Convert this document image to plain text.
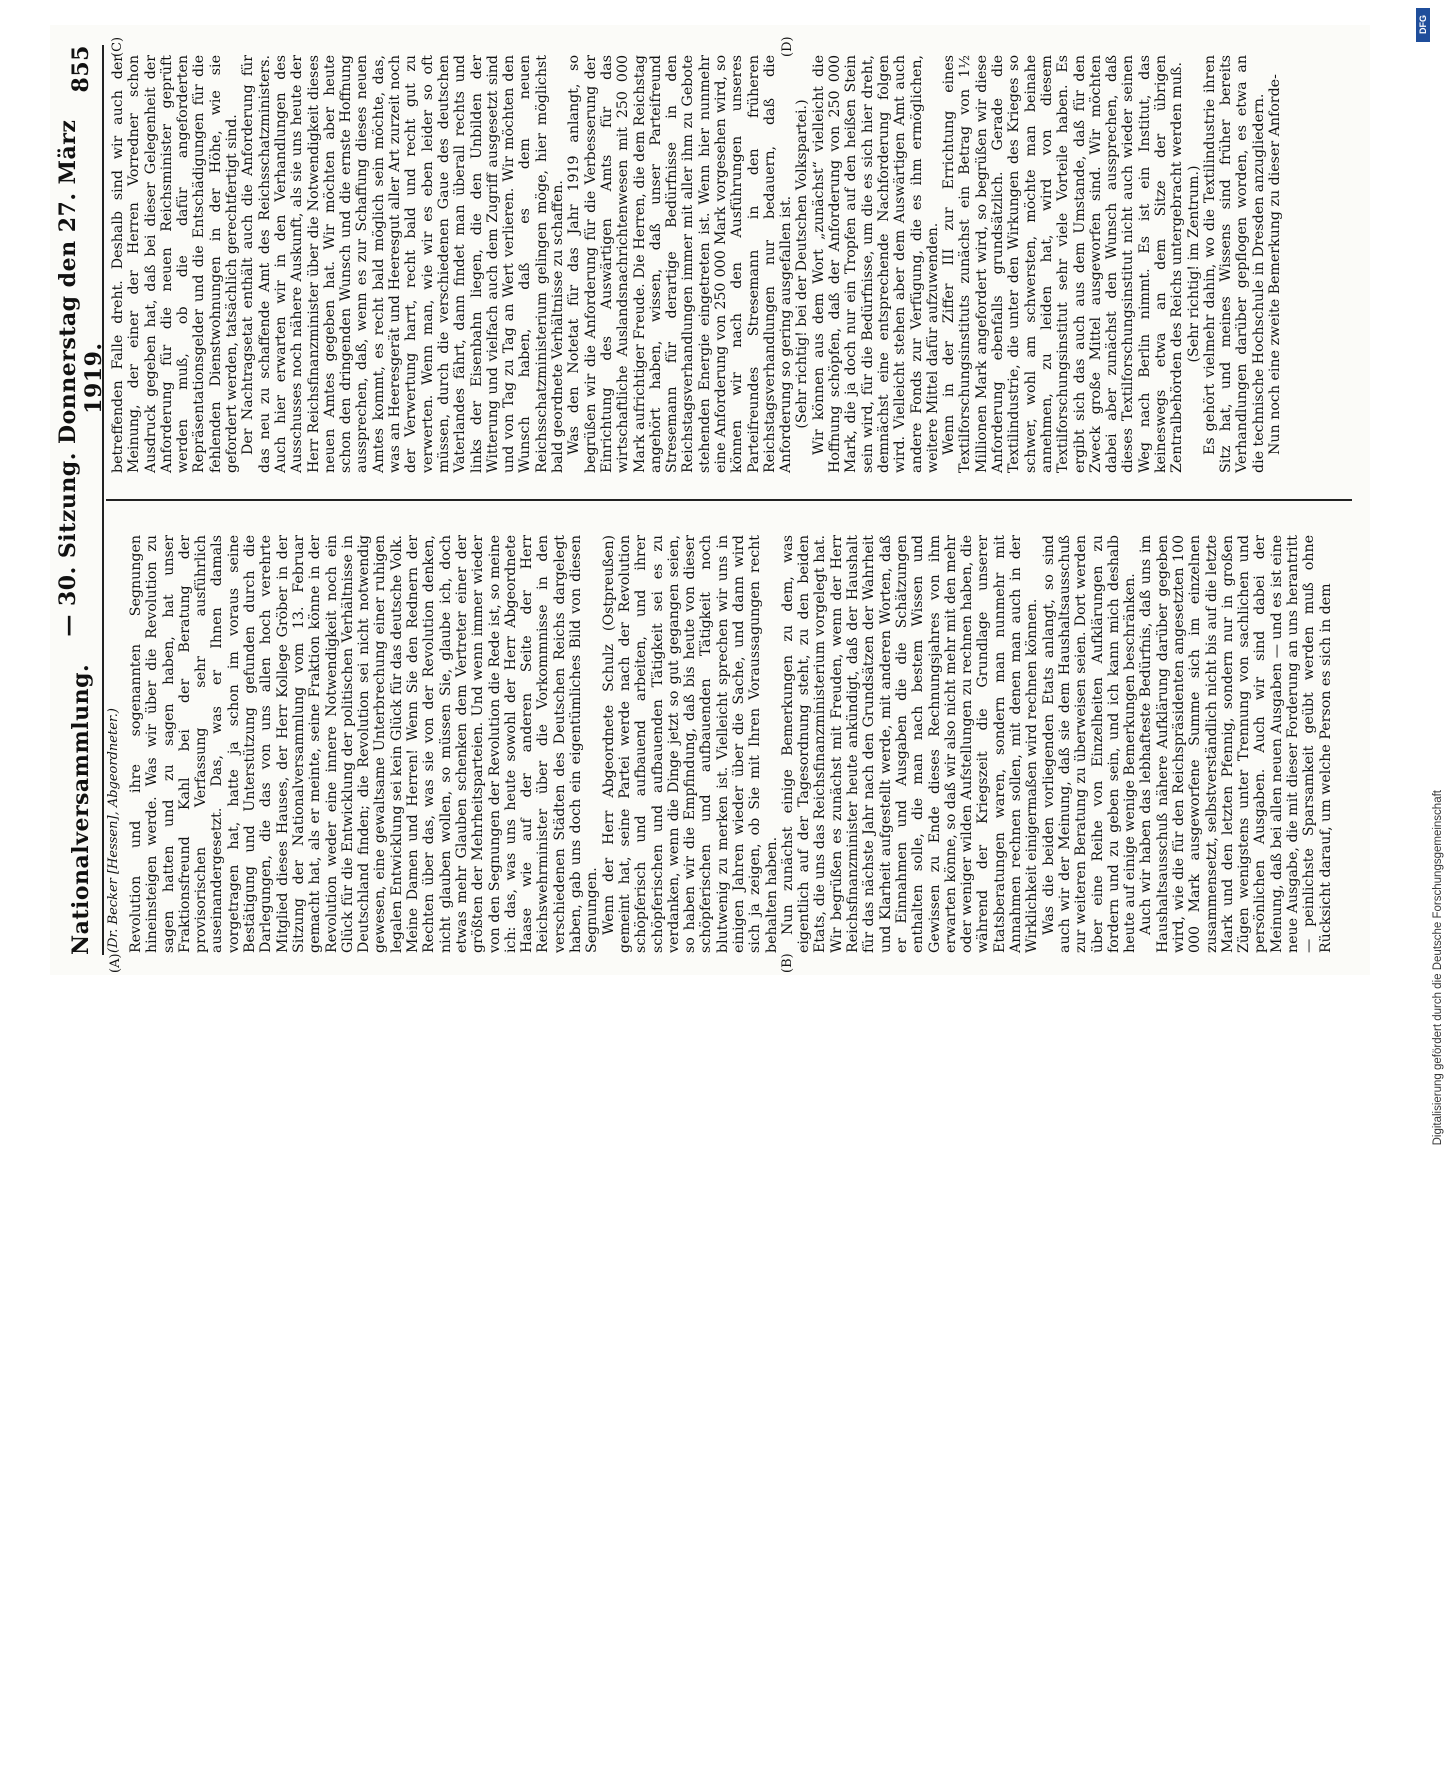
Nationalversammlung.
— 30. Sitzung. Donnerstag den 27. März 1919.
855
(Dr. Becker [Hessen], Abgeordneter.)
(A)	(B)
(C)	(D)

Revolution und ihre sogenannten Segnungen hineinsteigen werde. Was wir über die Revolution zu sagen hatten und zu sagen haben, hat unser Fraktionsfreund Kahl bei der Beratung der provisorischen Verfassung sehr ausführlich auseinandergesetzt. Das, was er Ihnen damals vorgetragen hat, hatte ja schon im voraus seine Bestätigung und Unterstützung gefunden durch die Darlegungen, die das von uns allen hoch verehrte Mitglied dieses Hauses, der Herr Kollege Gröber in der Sitzung der Nationalversammlung vom 13. Februar gemacht hat, als er meinte, seine Fraktion könne in der Revolution weder eine innere Notwendigkeit noch ein Glück für die Entwicklung der politischen Verhältnisse in Deutschland finden; die Revolution sei nicht notwendig gewesen, eine gewaltsame Unterbrechung einer ruhigen legalen Entwicklung sei kein Glück für das deutsche Volk. Meine Damen und Herren! Wenn Sie den Rednern der Rechten über das, was sie von der Revolution denken, nicht glauben wollen, so müssen Sie, glaube ich, doch etwas mehr Glauben schenken dem Vertreter einer der größten der Mehrheitsparteien. Und wenn immer wieder von den Segnungen der Revolution die Rede ist, so meine ich: das, was uns heute sowohl der Herr Abgeordnete Haase wie auf der anderen Seite der Herr Reichswehrminister über die Vorkommnisse in den verschiedenen Städten des Deutschen Reichs dargelegt haben, gab uns doch ein eigentümliches Bild von diesen Segnungen. Wenn der Herr Abgeordnete Schulz (Ostpreußen) gemeint hat, seine Partei werde nach der Revolution schöpferisch und aufbauend arbeiten, und ihrer schöpferischen und aufbauenden Tätigkeit sei es zu verdanken, wenn die Dinge jetzt so gut gegangen seien, so haben wir die Empfindung, daß bis heute von dieser schöpferischen und aufbauenden Tätigkeit noch blutwenig zu merken ist. Vielleicht sprechen wir uns in einigen Jahren wieder über die Sache, und dann wird sich ja zeigen, ob Sie mit Ihren Voraussagungen recht behalten haben. Nun zunächst einige Bemerkungen zu dem, was eigentlich auf der Tagesordnung steht, zu den beiden Etats, die uns das Reichsfinanzministerium vorgelegt hat. Wir begrüßen es zunächst mit Freuden, wenn der Herr Reichsfinanzminister heute ankündigt, daß der Haushalt für das nächste Jahr nach den Grundsätzen der Wahrheit und Klarheit aufgestellt werde, mit anderen Worten, daß er Einnahmen und Ausgaben die die Schätzungen enthalten solle, die man nach bestem Wissen und Gewissen zu Ende dieses Rechnungsjahres von ihm erwarten könne, so daß wir also nicht mehr mit den mehr oder weniger wilden Aufstellungen zu rechnen haben, die während der Kriegszeit die Grundlage unserer Etatsberatungen waren, sondern man nunmehr mit Annahmen rechnen sollen, mit denen man auch in der Wirklichkeit einigermaßen wird rechnen können. Was die beiden vorliegenden Etats anlangt, so sind auch wir der Meinung, daß sie dem Haushaltsausschuß zur weiteren Beratung zu überweisen seien. Dort werden über eine Reihe von Einzelheiten Aufklärungen zu fordern und zu geben sein, und ich kann mich deshalb heute auf einige wenige Bemerkungen beschränken. Auch wir haben das lebhafteste Bedürfnis, daß uns im Haushaltsausschuß nähere Aufklärung darüber gegeben wird, wie die für den Reichspräsidenten angesetzten 100 000 Mark ausgeworfene Summe sich im einzelnen zusammensetzt, selbstverständlich nicht bis auf die letzte Mark und den letzten Pfennig, sondern nur in großen Zügen wenigstens unter Trennung von sachlichen und persönlichen Ausgaben. Auch wir sind dabei der Meinung, daß bei allen neuen Ausgaben — und es ist eine neue Ausgabe, die mit dieser Forderung an uns herantritt — peinlichste Sparsamkeit geübt werden muß ohne Rücksicht darauf, um welche Person es sich in dem

betreffenden Falle dreht. Deshalb sind wir auch der Meinung, der einer der Herren Vorredner schon Ausdruck gegeben hat, daß bei dieser Gelegenheit der Anforderung für die neuen Reichsminister geprüft werden muß, ob die dafür angeforderten Repräsentationsgelder und die Entschädigungen für die fehlenden Dienstwohnungen in der Höhe, wie sie gefordert werden, tatsächlich gerechtfertigt sind. Der Nachtragsetat enthält auch die Anforderung für das neu zu schaffende Amt des Reichsschatzministers. Auch hier erwarten wir in den Verhandlungen des Ausschusses noch nähere Auskunft, als sie uns heute der Herr Reichsfinanzminister über die Notwendigkeit dieses neuen Amtes gegeben hat. Wir möchten aber heute schon den dringenden Wunsch und die ernste Hoffnung aussprechen, daß, wenn es zur Schaffung dieses neuen Amtes kommt, es recht bald möglich sein möchte, das, was an Heeresgerät und Heeresgut aller Art zurzeit noch der Verwertung harrt, recht bald und recht gut zu verwerten. Wenn man, wie wir es eben leider so oft müssen, durch die verschiedenen Gaue des deutschen Vaterlandes fährt, dann findet man überall rechts und links der Eisenbahn liegen, die den Unbilden der Witterung und vielfach auch dem Zugriff ausgesetzt sind und von Tag zu Tag an Wert verlieren. Wir möchten den Wunsch haben, daß es dem neuen Reichsschatzministerium gelingen möge, hier möglichst bald geordnete Verhältnisse zu schaffen. Was den Notetat für das Jahr 1919 anlangt, so begrüßen wir die Anforderung für die Verbesserung der Einrichtung des Auswärtigen Amts für das wirtschaftliche Auslandsnachrichtenwesen mit 250 000 Mark aufrichtiger Freude. Die Herren, die dem Reichstag angehört haben, wissen, daß unser Parteifreund Stresemann für derartige Bedürfnisse in den Reichstagsverhandlungen immer mit aller ihm zu Gebote stehenden Energie eingetreten ist. Wenn hier nunmehr eine Anforderung von 250 000 Mark vorgesehen wird, so können wir nach den Ausführungen unseres Parteifreundes Stresemann in den früheren Reichstagsverhandlungen nur bedauern, daß die Anforderung so gering ausgefallen ist. (Sehr richtig! bei der Deutschen Volkspartei.) Wir können aus dem Wort „zunächst“ vielleicht die Hoffnung schöpfen, daß der Anforderung von 250 000 Mark, die ja doch nur ein Tropfen auf den heißen Stein sein wird, für die Bedürfnisse, um die es sich hier dreht, demnächst eine entsprechende Nachforderung folgen wird. Vielleicht stehen aber dem Auswärtigen Amt auch andere Fonds zur Verfügung, die es ihm ermöglichen, weitere Mittel dafür aufzuwenden. Wenn in der Ziffer III zur Errichtung eines Textilforschungsinstituts zunächst ein Betrag von 1½ Millionen Mark angefordert wird, so begrüßen wir diese Anforderung ebenfalls grundsätzlich. Gerade die Textilindustrie, die unter den Wirkungen des Krieges so schwer, wohl am schwersten, möchte man beinahe annehmen, zu leiden hat, wird von diesem Textilforschungsinstitut sehr viele Vorteile haben. Es ergibt sich das auch aus dem Umstande, daß für den Zweck große Mittel ausgeworfen sind. Wir möchten dabei aber zunächst den Wunsch aussprechen, daß dieses Textilforschungsinstitut nicht auch wieder seinen Weg nach Berlin nimmt. Es ist ein Institut, das keineswegs etwa an dem Sitze der übrigen Zentralbehörden des Reichs untergebracht werden muß. (Sehr richtig! im Zentrum.) Es gehört vielmehr dahin, wo die Textilindustrie ihren Sitz hat, und meines Wissens sind früher bereits Verhandlungen darüber gepflogen worden, es etwa an die technische Hochschule in Dresden anzugliedern. Nun noch eine zweite Bemerkung zu dieser Anforde-

DFG
Digitalisierung gefördert durch die Deutsche Forschungsgemeinschaft
